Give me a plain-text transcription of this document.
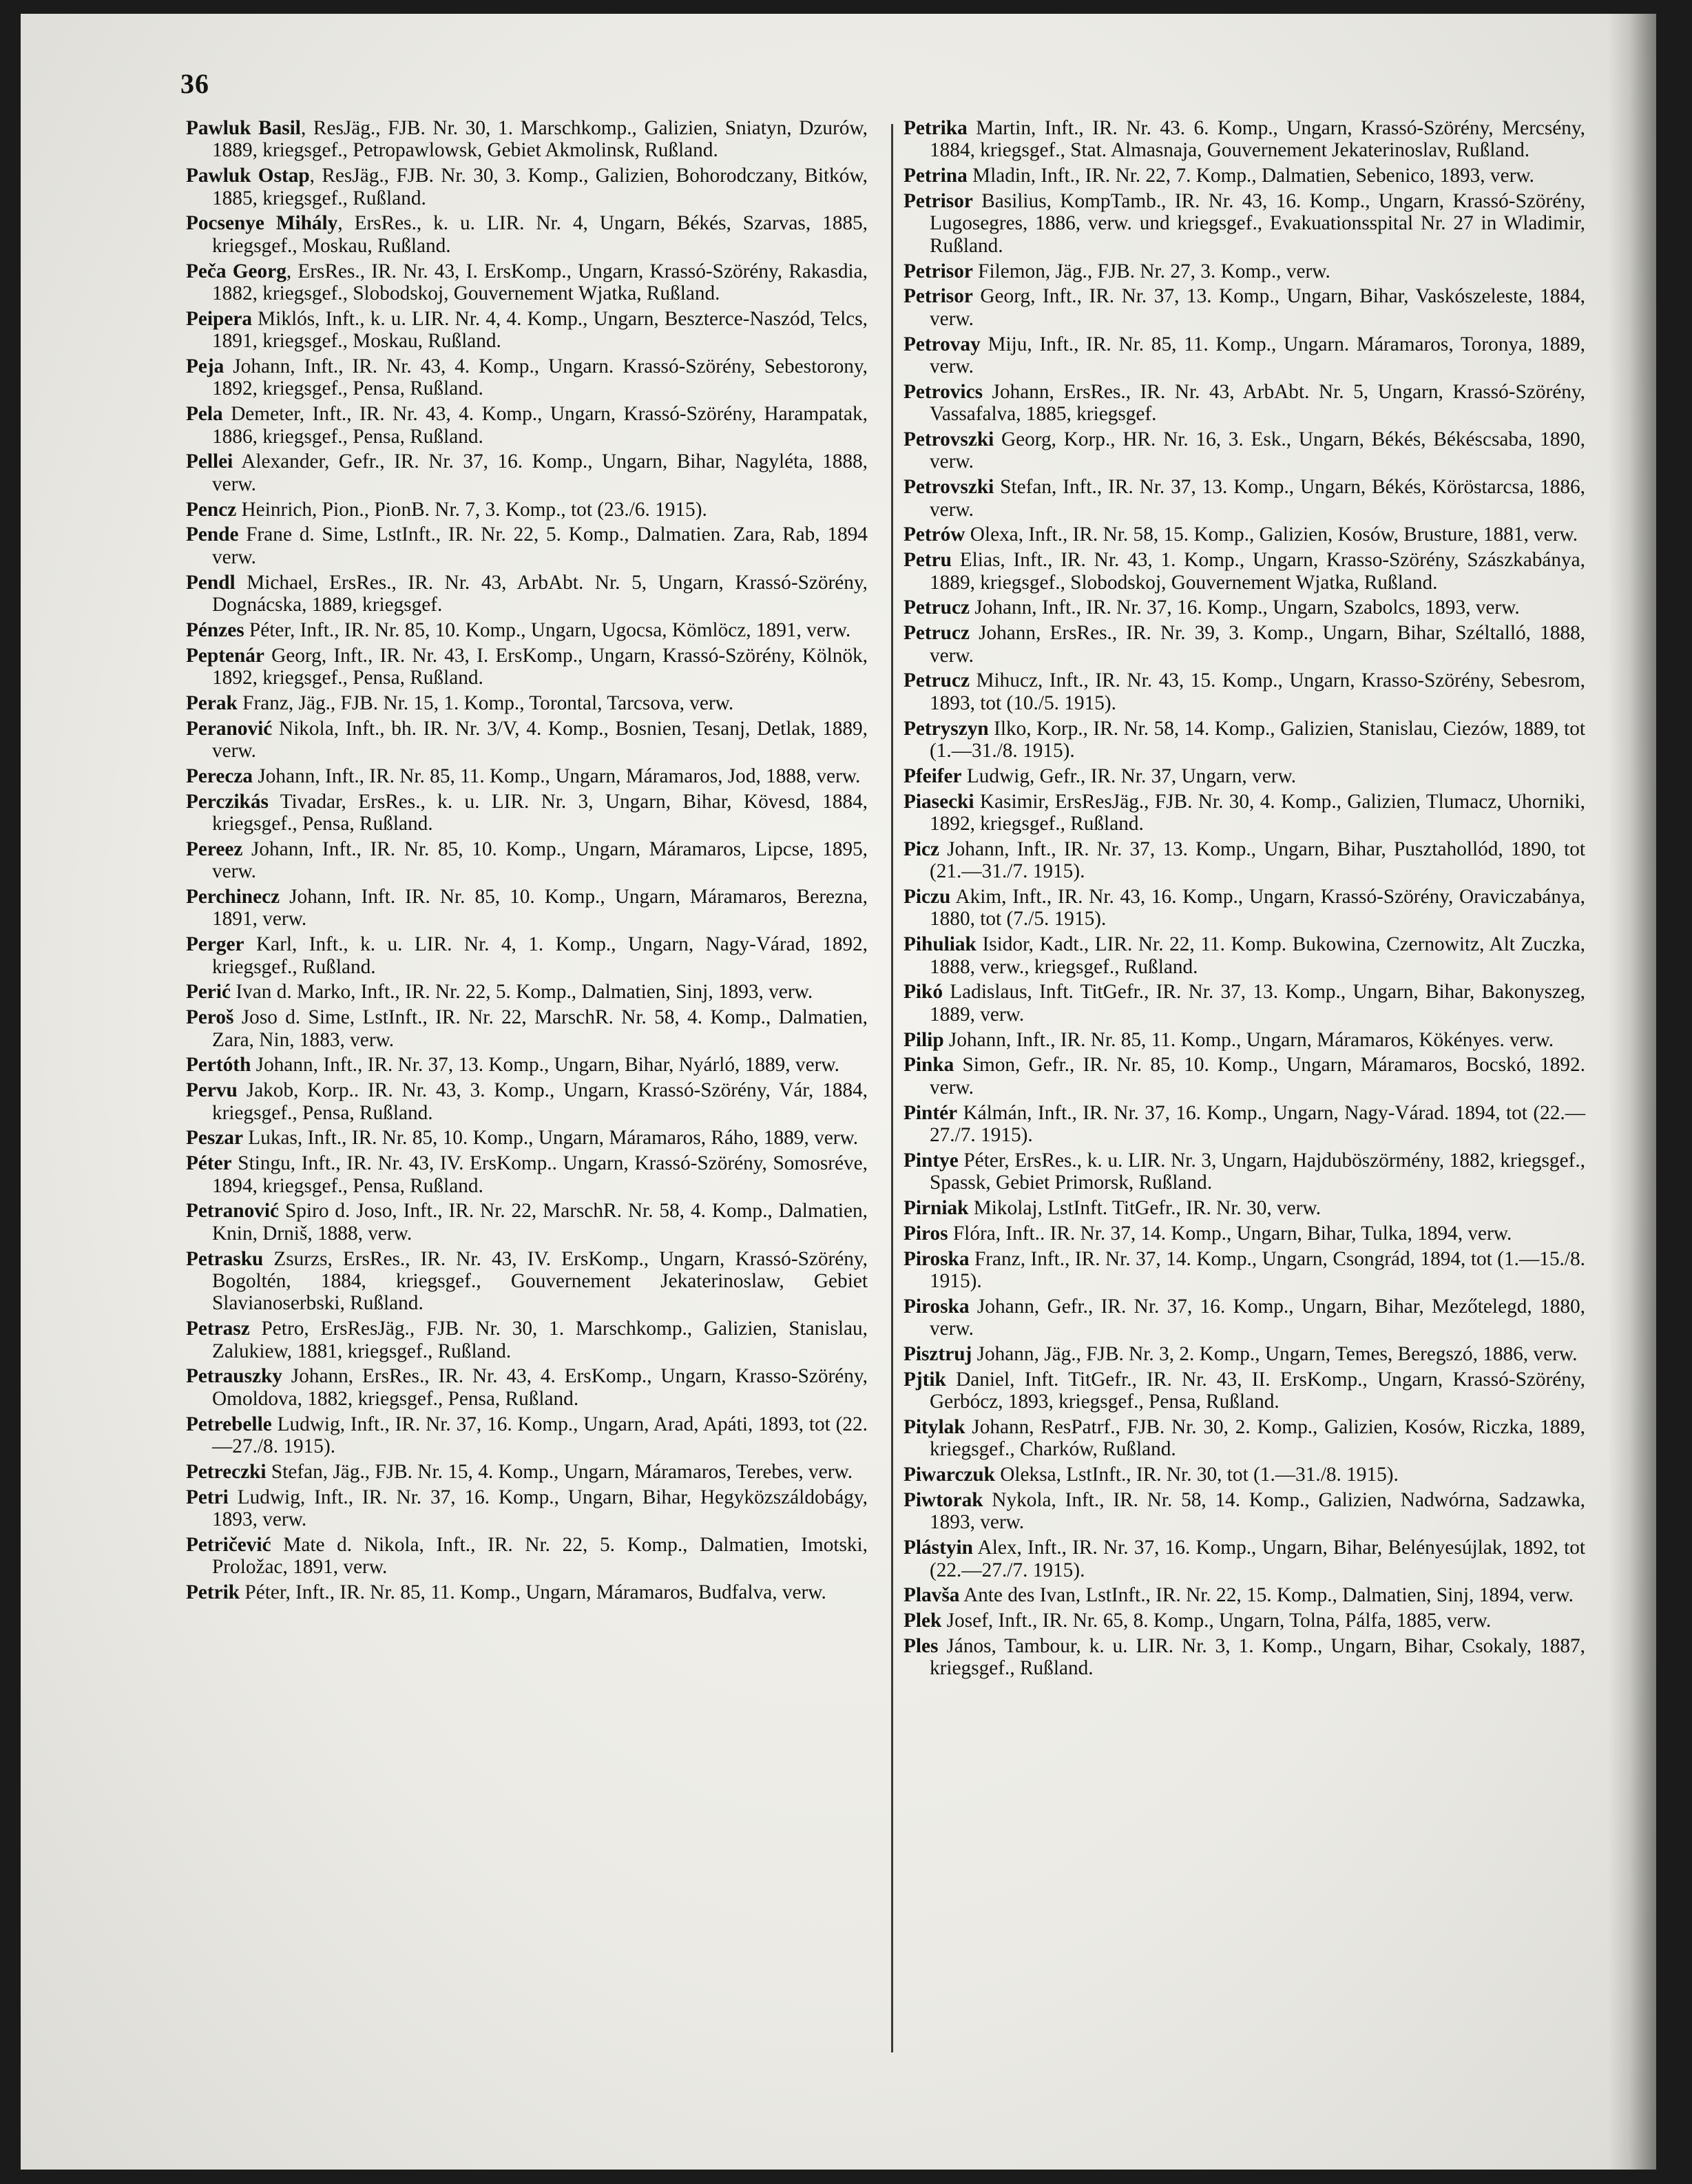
36

Pawluk Basil, ResJäg., FJB. Nr. 30, 1. Marschkomp., Galizien, Sniatyn, Dzurów, 1889, kriegsgef., Petropawlowsk, Gebiet Akmolinsk, Rußland.

Pawluk Ostap, ResJäg., FJB. Nr. 30, 3. Komp., Galizien, Bohorodczany, Bitków, 1885, kriegsgef., Rußland.

Pocsenye Mihály, ErsRes., k. u. LIR. Nr. 4, Ungarn, Békés, Szarvas, 1885, kriegsgef., Moskau, Rußland.

Peča Georg, ErsRes., IR. Nr. 43, I. ErsKomp., Ungarn, Krassó-Szörény, Rakasdia, 1882, kriegsgef., Slobodskoj, Gouvernement Wjatka, Rußland.

Peipera Miklós, Inft., k. u. LIR. Nr. 4, 4. Komp., Ungarn, Beszterce-Naszód, Telcs, 1891, kriegsgef., Moskau, Rußland.

Peja Johann, Inft., IR. Nr. 43, 4. Komp., Ungarn. Krassó-Szörény, Sebestorony, 1892, kriegsgef., Pensa, Rußland.

Pela Demeter, Inft., IR. Nr. 43, 4. Komp., Ungarn, Krassó-Szörény, Harampatak, 1886, kriegsgef., Pensa, Rußland.

Pellei Alexander, Gefr., IR. Nr. 37, 16. Komp., Ungarn, Bihar, Nagyléta, 1888, verw.

Pencz Heinrich, Pion., PionB. Nr. 7, 3. Komp., tot (23./6. 1915).

Pende Frane d. Sime, LstInft., IR. Nr. 22, 5. Komp., Dalmatien. Zara, Rab, 1894 verw.

Pendl Michael, ErsRes., IR. Nr. 43, ArbAbt. Nr. 5, Ungarn, Krassó-Szörény, Dognácska, 1889, kriegsgef.

Pénzes Péter, Inft., IR. Nr. 85, 10. Komp., Ungarn, Ugocsa, Kömlöcz, 1891, verw.

Peptenár Georg, Inft., IR. Nr. 43, I. ErsKomp., Ungarn, Krassó-Szörény, Kölnök, 1892, kriegsgef., Pensa, Rußland.

Perak Franz, Jäg., FJB. Nr. 15, 1. Komp., Torontal, Tarcsova, verw.

Peranović Nikola, Inft., bh. IR. Nr. 3/V, 4. Komp., Bosnien, Tesanj, Detlak, 1889, verw.

Perecza Johann, Inft., IR. Nr. 85, 11. Komp., Ungarn, Máramaros, Jod, 1888, verw.

Perczikás Tivadar, ErsRes., k. u. LIR. Nr. 3, Ungarn, Bihar, Kövesd, 1884, kriegsgef., Pensa, Rußland.

Pereez Johann, Inft., IR. Nr. 85, 10. Komp., Ungarn, Máramaros, Lipcse, 1895, verw.

Perchinecz Johann, Inft. IR. Nr. 85, 10. Komp., Ungarn, Máramaros, Berezna, 1891, verw.

Perger Karl, Inft., k. u. LIR. Nr. 4, 1. Komp., Ungarn, Nagy-Várad, 1892, kriegsgef., Rußland.

Perić Ivan d. Marko, Inft., IR. Nr. 22, 5. Komp., Dalmatien, Sinj, 1893, verw.

Peroš Joso d. Sime, LstInft., IR. Nr. 22, MarschR. Nr. 58, 4. Komp., Dalmatien, Zara, Nin, 1883, verw.

Pertóth Johann, Inft., IR. Nr. 37, 13. Komp., Ungarn, Bihar, Nyárló, 1889, verw.

Pervu Jakob, Korp.. IR. Nr. 43, 3. Komp., Ungarn, Krassó-Szörény, Vár, 1884, kriegsgef., Pensa, Rußland.

Peszar Lukas, Inft., IR. Nr. 85, 10. Komp., Ungarn, Máramaros, Ráho, 1889, verw.

Péter Stingu, Inft., IR. Nr. 43, IV. ErsKomp.. Ungarn, Krassó-Szörény, Somosréve, 1894, kriegsgef., Pensa, Rußland.

Petranović Spiro d. Joso, Inft., IR. Nr. 22, MarschR. Nr. 58, 4. Komp., Dalmatien, Knin, Drniš, 1888, verw.

Petrasku Zsurzs, ErsRes., IR. Nr. 43, IV. ErsKomp., Ungarn, Krassó-Szörény, Bogoltén, 1884, kriegsgef., Gouvernement Jekaterinoslaw, Gebiet Slavianoserbski, Rußland.

Petrasz Petro, ErsResJäg., FJB. Nr. 30, 1. Marschkomp., Galizien, Stanislau, Zalukiew, 1881, kriegsgef., Rußland.

Petrauszky Johann, ErsRes., IR. Nr. 43, 4. ErsKomp., Ungarn, Krasso-Szörény, Omoldova, 1882, kriegsgef., Pensa, Rußland.

Petrebelle Ludwig, Inft., IR. Nr. 37, 16. Komp., Ungarn, Arad, Apáti, 1893, tot (22.—27./8. 1915).

Petreczki Stefan, Jäg., FJB. Nr. 15, 4. Komp., Ungarn, Máramaros, Terebes, verw.

Petri Ludwig, Inft., IR. Nr. 37, 16. Komp., Ungarn, Bihar, Hegyközszáldobágy, 1893, verw.

Petričević Mate d. Nikola, Inft., IR. Nr. 22, 5. Komp., Dalmatien, Imotski, Proložac, 1891, verw.

Petrik Péter, Inft., IR. Nr. 85, 11. Komp., Ungarn, Máramaros, Budfalva, verw.

Petrika Martin, Inft., IR. Nr. 43. 6. Komp., Ungarn, Krassó-Szörény, Mercsény, 1884, kriegsgef., Stat. Almasnaja, Gouvernement Jekaterinoslav, Rußland.

Petrina Mladin, Inft., IR. Nr. 22, 7. Komp., Dalmatien, Sebenico, 1893, verw.

Petrisor Basilius, KompTamb., IR. Nr. 43, 16. Komp., Ungarn, Krassó-Szörény, Lugosegres, 1886, verw. und kriegsgef., Evakuationsspital Nr. 27 in Wladimir, Rußland.

Petrisor Filemon, Jäg., FJB. Nr. 27, 3. Komp., verw.

Petrisor Georg, Inft., IR. Nr. 37, 13. Komp., Ungarn, Bihar, Vaskószeleste, 1884, verw.

Petrovay Miju, Inft., IR. Nr. 85, 11. Komp., Ungarn. Máramaros, Toronya, 1889, verw.

Petrovics Johann, ErsRes., IR. Nr. 43, ArbAbt. Nr. 5, Ungarn, Krassó-Szörény, Vassafalva, 1885, kriegsgef.

Petrovszki Georg, Korp., HR. Nr. 16, 3. Esk., Ungarn, Békés, Békéscsaba, 1890, verw.

Petrovszki Stefan, Inft., IR. Nr. 37, 13. Komp., Ungarn, Békés, Köröstarcsa, 1886, verw.

Petrów Olexa, Inft., IR. Nr. 58, 15. Komp., Galizien, Kosów, Brusture, 1881, verw.

Petru Elias, Inft., IR. Nr. 43, 1. Komp., Ungarn, Krasso-Szörény, Szászkabánya, 1889, kriegsgef., Slobodskoj, Gouvernement Wjatka, Rußland.

Petrucz Johann, Inft., IR. Nr. 37, 16. Komp., Ungarn, Szabolcs, 1893, verw.

Petrucz Johann, ErsRes., IR. Nr. 39, 3. Komp., Ungarn, Bihar, Széltalló, 1888, verw.

Petrucz Mihucz, Inft., IR. Nr. 43, 15. Komp., Ungarn, Krasso-Szörény, Sebesrom, 1893, tot (10./5. 1915).

Petryszyn Ilko, Korp., IR. Nr. 58, 14. Komp., Galizien, Stanislau, Ciezów, 1889, tot (1.—31./8. 1915).

Pfeifer Ludwig, Gefr., IR. Nr. 37, Ungarn, verw.

Piasecki Kasimir, ErsResJäg., FJB. Nr. 30, 4. Komp., Galizien, Tlumacz, Uhorniki, 1892, kriegsgef., Rußland.

Picz Johann, Inft., IR. Nr. 37, 13. Komp., Ungarn, Bihar, Pusztahollód, 1890, tot (21.—31./7. 1915).

Piczu Akim, Inft., IR. Nr. 43, 16. Komp., Ungarn, Krassó-Szörény, Oraviczabánya, 1880, tot (7./5. 1915).

Pihuliak Isidor, Kadt., LIR. Nr. 22, 11. Komp. Bukowina, Czernowitz, Alt Zuczka, 1888, verw., kriegsgef., Rußland.

Pikó Ladislaus, Inft. TitGefr., IR. Nr. 37, 13. Komp., Ungarn, Bihar, Bakonyszeg, 1889, verw.

Pilip Johann, Inft., IR. Nr. 85, 11. Komp., Ungarn, Máramaros, Kökényes. verw.

Pinka Simon, Gefr., IR. Nr. 85, 10. Komp., Ungarn, Máramaros, Bocskó, 1892. verw.

Pintér Kálmán, Inft., IR. Nr. 37, 16. Komp., Ungarn, Nagy-Várad. 1894, tot (22.—27./7. 1915).

Pintye Péter, ErsRes., k. u. LIR. Nr. 3, Ungarn, Hajduböszörmény, 1882, kriegsgef., Spassk, Gebiet Primorsk, Rußland.

Pirniak Mikolaj, LstInft. TitGefr., IR. Nr. 30, verw.

Piros Flóra, Inft.. IR. Nr. 37, 14. Komp., Ungarn, Bihar, Tulka, 1894, verw.

Piroska Franz, Inft., IR. Nr. 37, 14. Komp., Ungarn, Csongrád, 1894, tot (1.—15./8. 1915).

Piroska Johann, Gefr., IR. Nr. 37, 16. Komp., Ungarn, Bihar, Mezőtelegd, 1880, verw.

Pisztruj Johann, Jäg., FJB. Nr. 3, 2. Komp., Ungarn, Temes, Beregszó, 1886, verw.

Pjtik Daniel, Inft. TitGefr., IR. Nr. 43, II. ErsKomp., Ungarn, Krassó-Szörény, Gerbócz, 1893, kriegsgef., Pensa, Rußland.

Pitylak Johann, ResPatrf., FJB. Nr. 30, 2. Komp., Galizien, Kosów, Riczka, 1889, kriegsgef., Charków, Rußland.

Piwarczuk Oleksa, LstInft., IR. Nr. 30, tot (1.—31./8. 1915).

Piwtorak Nykola, Inft., IR. Nr. 58, 14. Komp., Galizien, Nadwórna, Sadzawka, 1893, verw.

Plástyin Alex, Inft., IR. Nr. 37, 16. Komp., Ungarn, Bihar, Belényesújlak, 1892, tot (22.—27./7. 1915).

Plavša Ante des Ivan, LstInft., IR. Nr. 22, 15. Komp., Dalmatien, Sinj, 1894, verw.

Plek Josef, Inft., IR. Nr. 65, 8. Komp., Ungarn, Tolna, Pálfa, 1885, verw.

Ples János, Tambour, k. u. LIR. Nr. 3, 1. Komp., Ungarn, Bihar, Csokaly, 1887, kriegsgef., Rußland.
